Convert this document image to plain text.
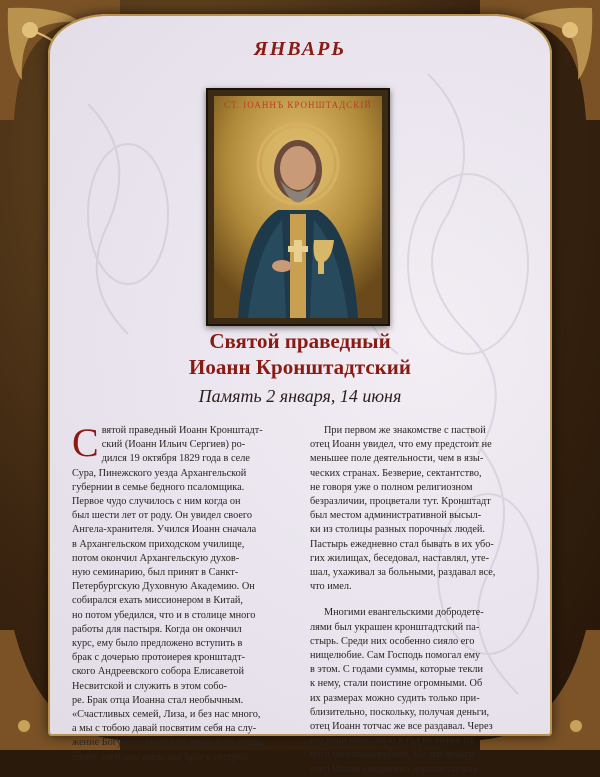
ЯНВАРЬ
СТ. ІОАННЪ КРОНШТАДСКІЙ
Святой праведный
Иоанн Кронштадтский
Память 2 января, 14 июня
С вятой праведный Иоанн Кронштадт-

ский (Иоанн Ильич Сергиев) ро-

дился 19 октября 1829 года в селе

Сура, Пинежского уезда Архангельской

губернии в семье бедного псаломщика.

Первое чудо случилось с ним когда он

был шести лет от роду. Он увидел своего

Ангела-хранителя. Учился Иоанн сначала

в Архангельском приходском училище,

потом окончил Архангельскую духов-

ную семинарию, был принят в Санкт-

Петербургскую Духовную Академию. Он

собирался ехать миссионером в Китай,

но потом убедился, что и в столице много

работы для пастыря. Когда он окончил

курс, ему было предложено вступить в

брак с дочерью протоиерея кронштадт-

ского Андреевского собора Елисаветой

Несвитской и служить в этом собо-

ре. Брак отца Иоанна стал необычным.

«Счастливых семей, Лиза, и без нас много,

а мы с тобою давай посвятим себя на слу-

жение Богу», — сказал он жене, и до конца

своих дней они жили как брат с сестрой.

При первом же знакомстве с паствой

отец Иоанн увидел, что ему предстоит не

меньшее поле деятельности, чем в язы-

ческих странах. Безверие, сектантство,

не говоря уже о полном религиозном

безразличии, процветали тут. Кронштадт

был местом административной высыл-

ки из столицы разных порочных людей.

Пастырь ежедневно стал бывать в их убо-

гих жилищах, беседовал, наставлял, уте-

шал, ухаживал за больными, раздавал все,

что имел.

Многими евангельскими добродете-

лями был украшен кронштадтский па-

стырь. Среди них особенно сияло его

нищелюбие. Сам Господь помогал ему

в этом. С годами суммы, которые текли

к нему, стали поистине огромными. Об

их размерах можно судить только при-

близительно, поскольку, получая деньги,

отец Иоанн тотчас же все раздавал. Через

его руки проходило в год не менее од-

ного миллиона рублей. На эти деньги

отец Иоанн ежедневно кормил тысячу
